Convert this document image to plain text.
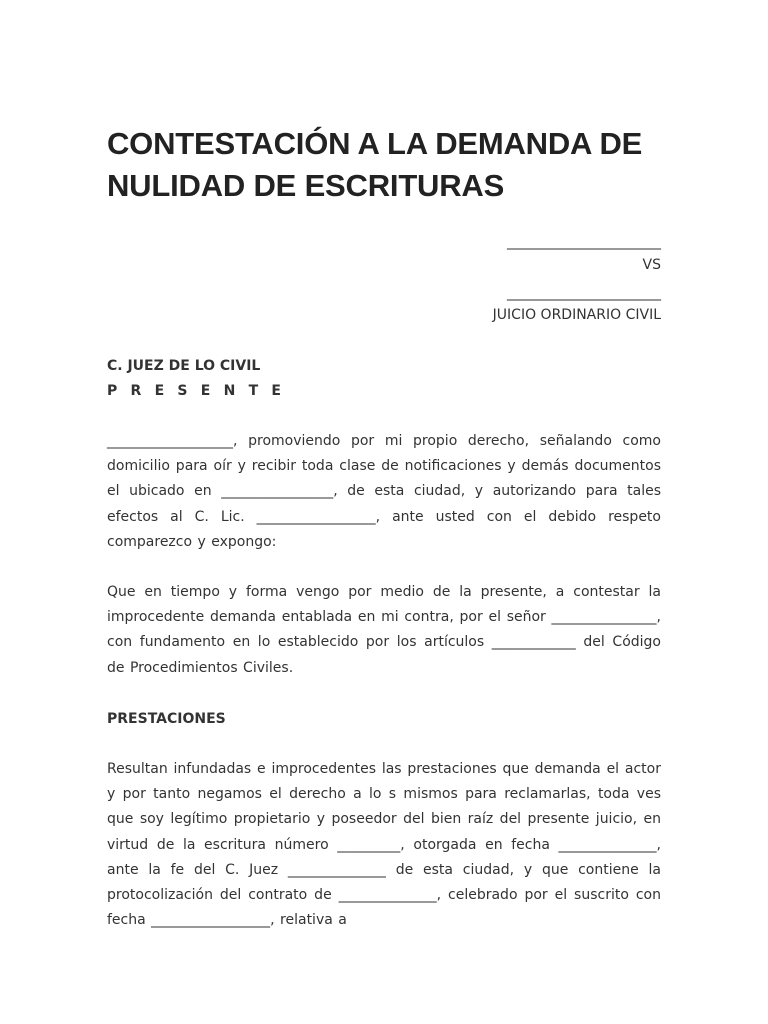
CONTESTACIÓN A LA DEMANDA DE NULIDAD DE ESCRITURAS
______________________
VS
______________________
JUICIO ORDINARIO CIVIL
C. JUEZ DE LO CIVIL
P R E S E N T E

__________________, promoviendo por mi propio derecho, señalando como domicilio para oír y recibir toda clase de notificaciones y demás documentos el ubicado en ________________, de esta ciudad, y autorizando para tales efectos al C. Lic. _________________, ante usted con el debido respeto comparezco y expongo:

Que en tiempo y forma vengo por medio de la presente, a contestar la improcedente demanda entablada en mi contra, por el señor _______________, con fundamento en lo establecido por los artículos ____________ del Código de Procedimientos Civiles.

PRESTACIONES

Resultan infundadas e improcedentes las prestaciones que demanda el actor y por tanto negamos el derecho a lo s mismos para reclamarlas, toda ves que soy legítimo propietario y poseedor del bien raíz del presente juicio, en virtud de la escritura número _________, otorgada en fecha ______________, ante la fe del C. Juez ______________ de esta ciudad, y que contiene la protocolización del contrato de ______________, celebrado por el suscrito con fecha _________________, relativa a
